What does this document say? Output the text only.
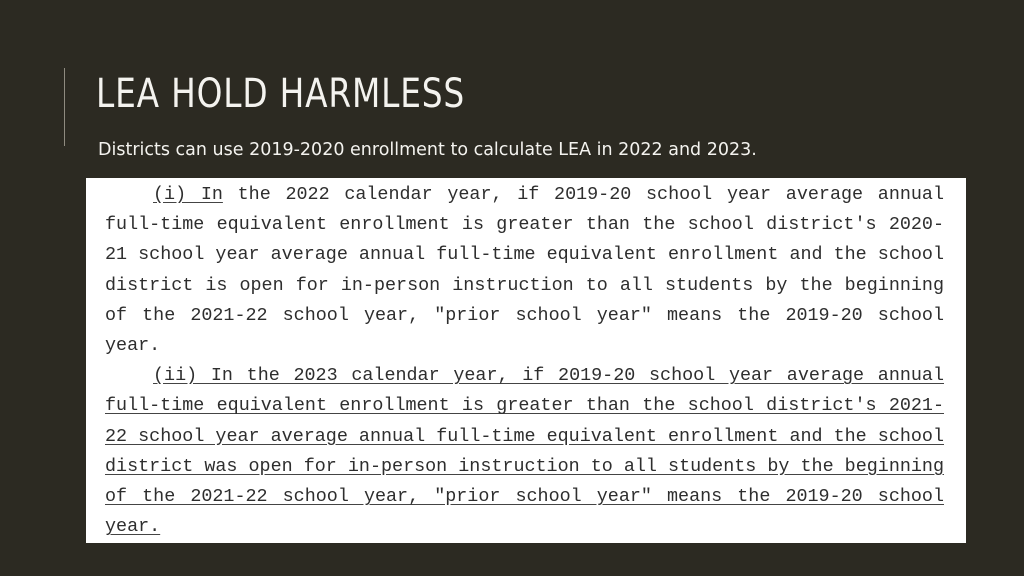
LEA HOLD HARMLESS
Districts can use 2019-2020 enrollment to calculate LEA in 2022 and 2023.

(i) In the 2022 calendar year, if 2019-20 school year average annual full-time equivalent enrollment is greater than the school district's 2020-21 school year average annual full-time equivalent enrollment and the school district is open for in-person instruction to all students by the beginning of the 2021-22 school year, "prior school year" means the 2019-20 school year.

(ii) In the 2023 calendar year, if 2019-20 school year average annual full-time equivalent enrollment is greater than the school district's 2021-22 school year average annual full-time equivalent enrollment and the school district was open for in-person instruction to all students by the beginning of the 2021-22 school year, "prior school year" means the 2019-20 school year.
